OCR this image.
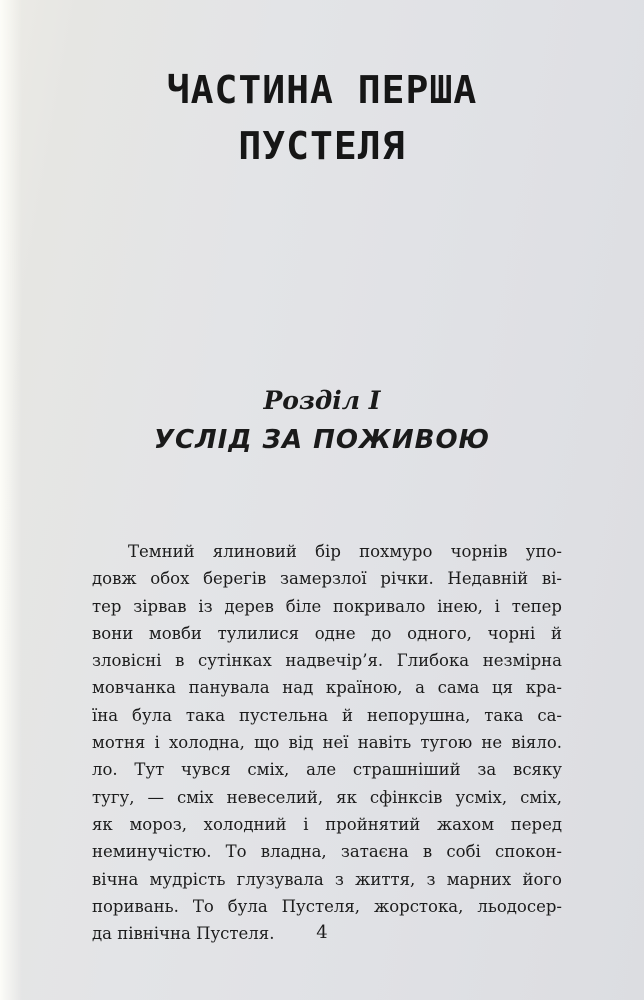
ЧАСТИНА ПЕРША
ПУСТЕЛЯ
Розділ І
УСЛІД ЗА ПОЖИВОЮ
Темний ялиновий бір похмуро чорнів упо-
довж обох берегів замерзлої річки. Недавній ві-
тер зірвав із дерев біле покривало інею, і тепер
вони мовби тулилися одне до одного, чорні й
зловісні в сутінках надвечір’я. Глибока незмірна
мовчанка панувала над країною, а сама ця кра-
їна була така пустельна й непорушна, така са-
мотня і холодна, що від неї навіть тугою не віяло.
ло. Тут чувся сміх, але страшніший за всяку
тугу, — сміх невеселий, як сфінксів усміх, сміх,
як мороз, холодний і пройнятий жахом перед
неминучістю. То владна, затаєна в собі спокон-
вічна мудрість глузувала з життя, з марних його
поривань. То була Пустеля, жорстока, льодосер-
да північна Пустеля.	4
